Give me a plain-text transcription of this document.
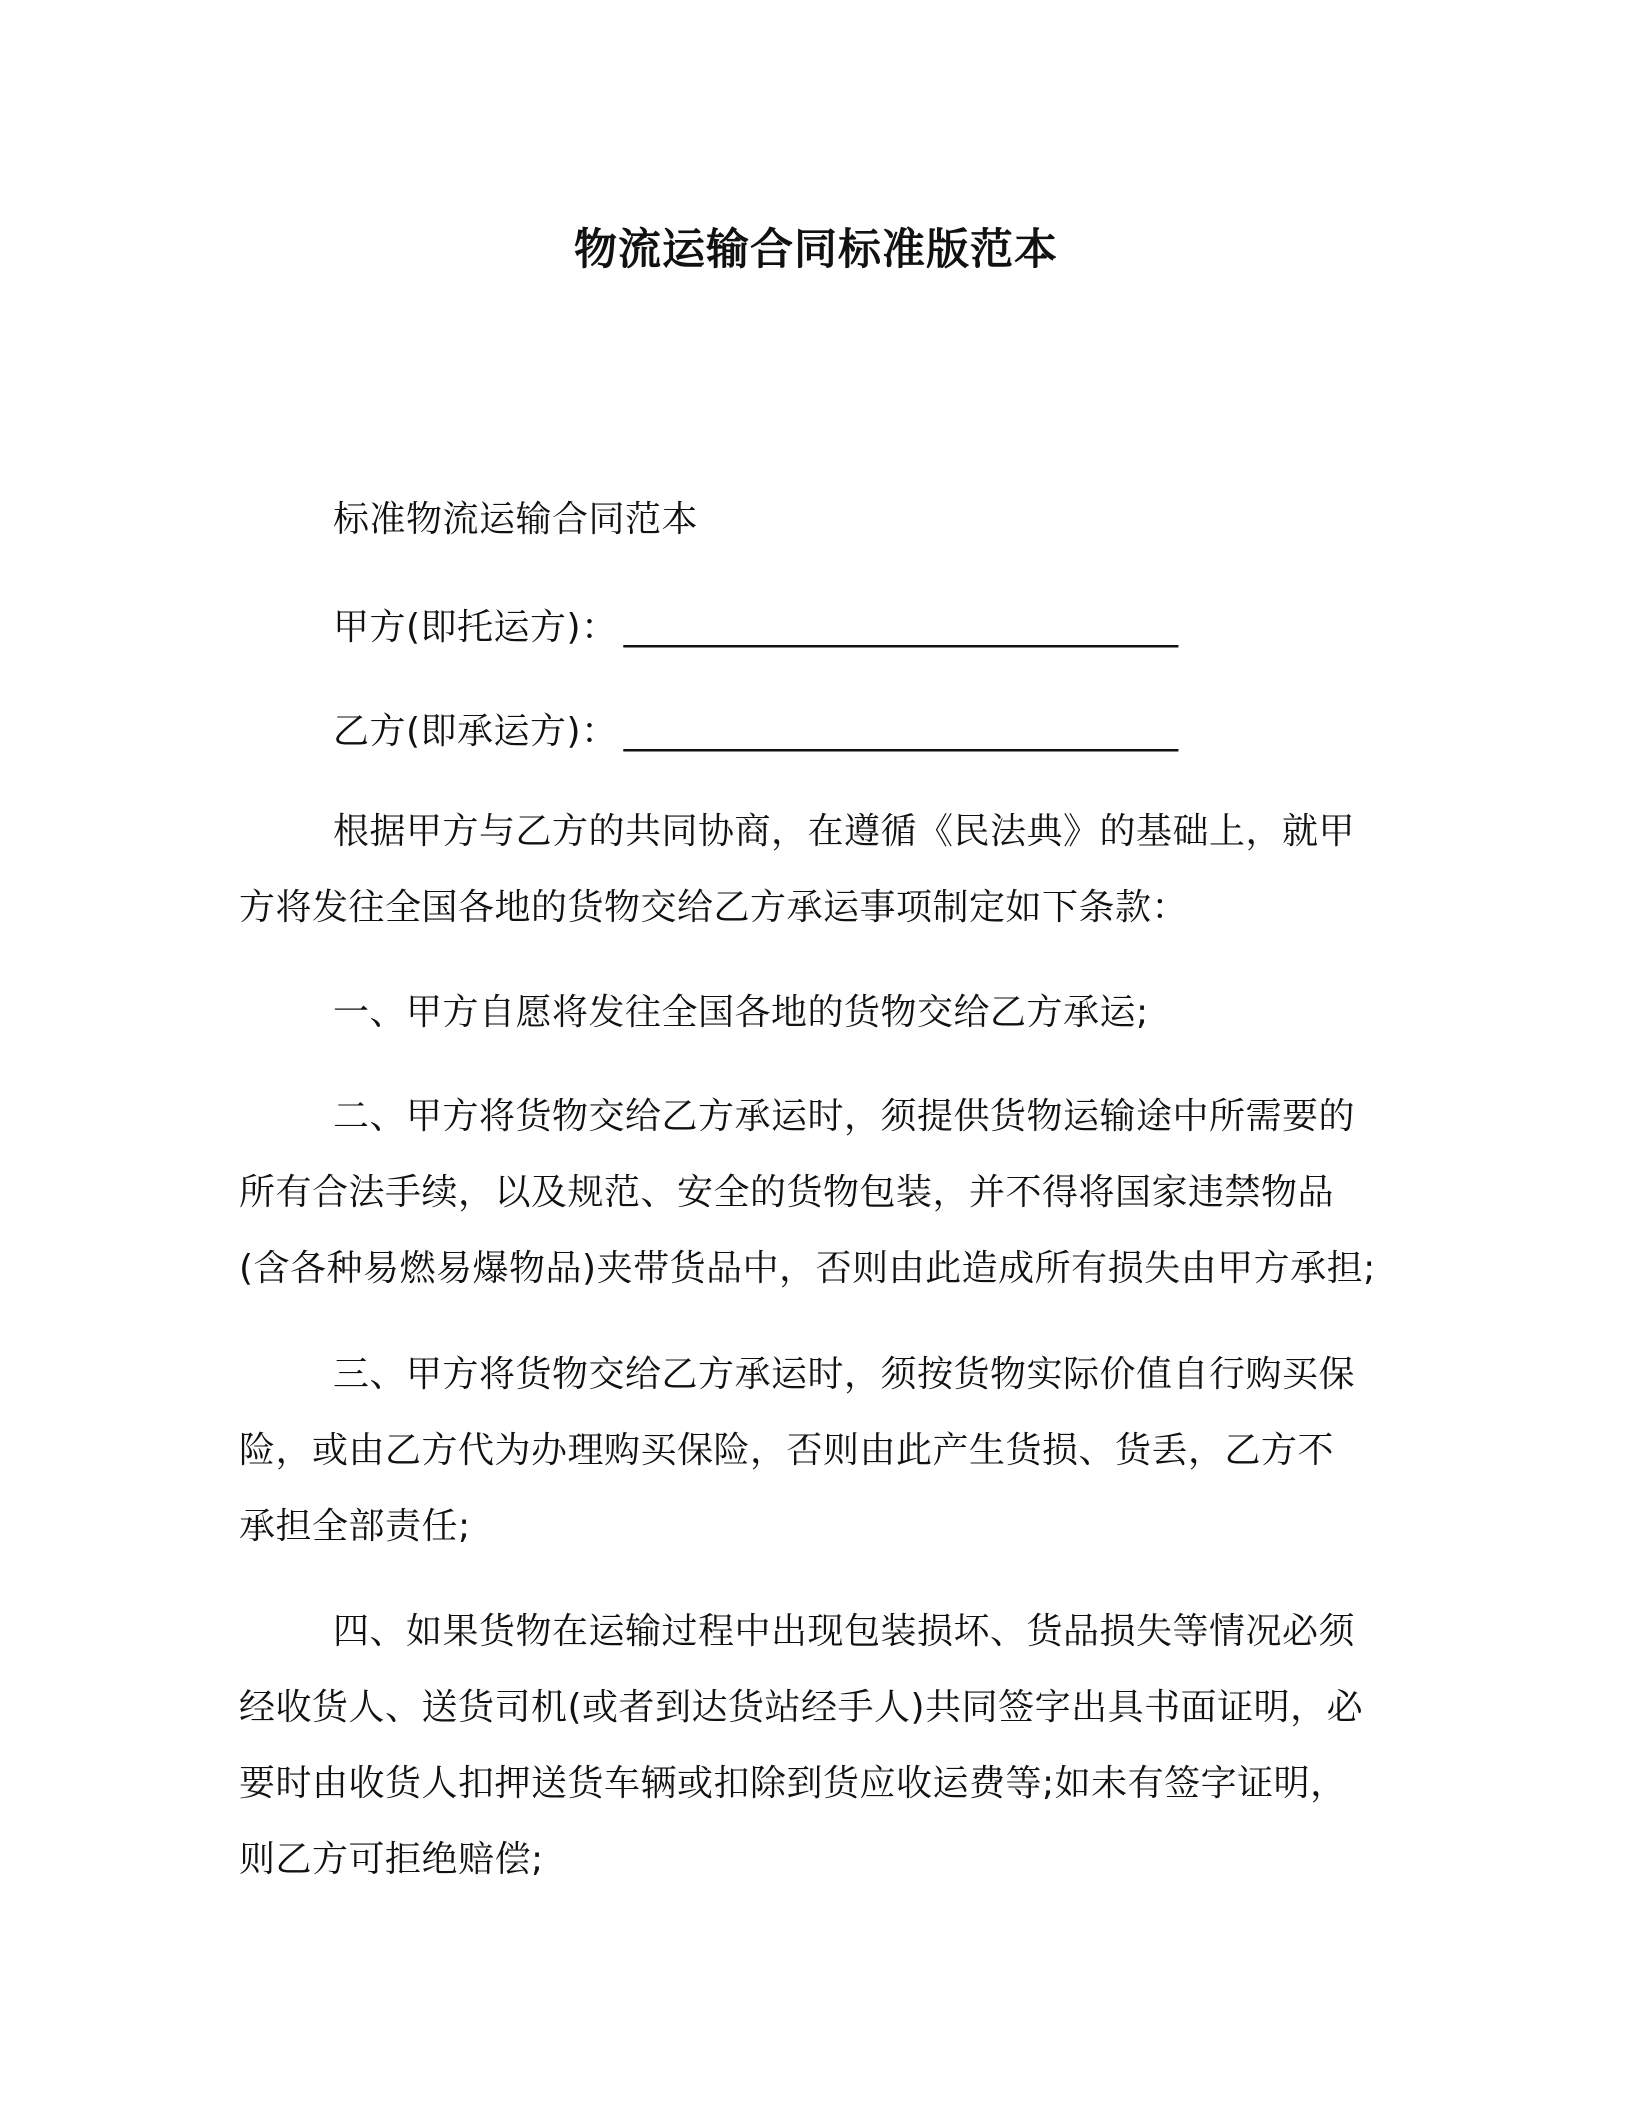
物流运输合同标准版范本
标准物流运输合同范本
甲方(即托运方)： ______________________________
乙方(即承运方)： ______________________________
根据甲方与乙方的共同协商，在遵循《民法典》的基础上，就甲
方将发往全国各地的货物交给乙方承运事项制定如下条款：
一、甲方自愿将发往全国各地的货物交给乙方承运;
二、甲方将货物交给乙方承运时，须提供货物运输途中所需要的
所有合法手续，以及规范、安全的货物包装，并不得将国家违禁物品
(含各种易燃易爆物品)夹带货品中，否则由此造成所有损失由甲方承担;
三、甲方将货物交给乙方承运时，须按货物实际价值自行购买保
险，或由乙方代为办理购买保险，否则由此产生货损、货丢，乙方不
承担全部责任;
四、如果货物在运输过程中出现包装损坏、货品损失等情况必须
经收货人、送货司机(或者到达货站经手人)共同签字出具书面证明，必
要时由收货人扣押送货车辆或扣除到货应收运费等;如未有签字证明，
则乙方可拒绝赔偿;
